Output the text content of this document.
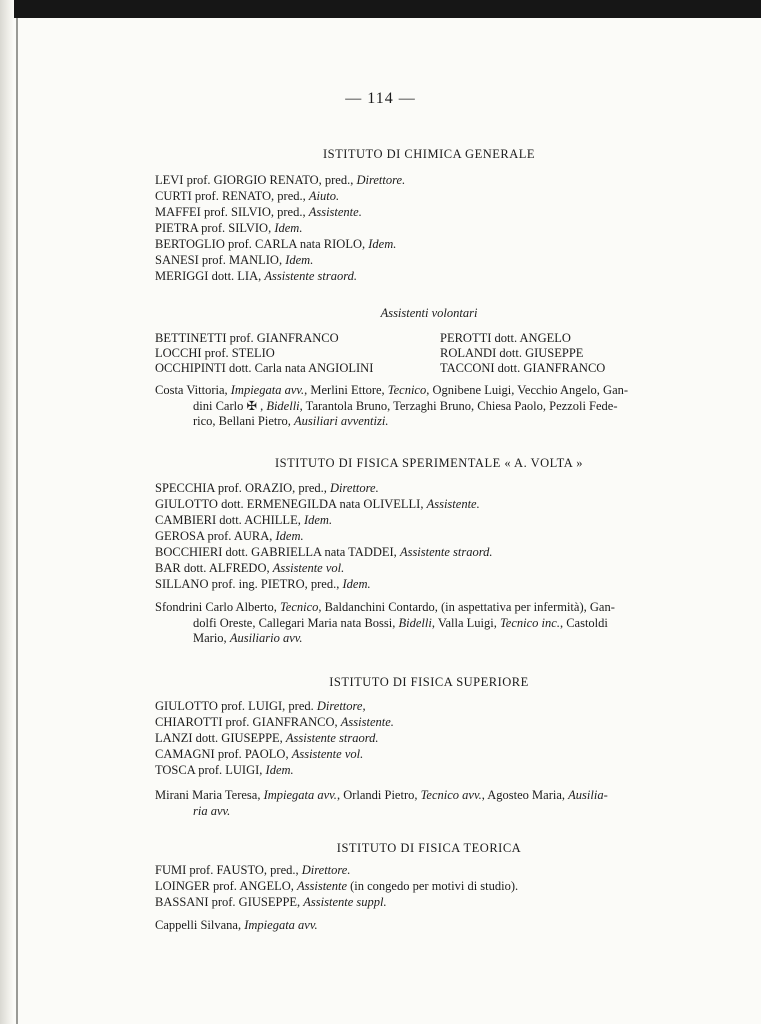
— 114 —
ISTITUTO DI CHIMICA GENERALE
LEVI prof. GIORGIO RENATO, pred., Direttore.
CURTI prof. RENATO, pred., Aiuto.
MAFFEI prof. SILVIO, pred., Assistente.
PIETRA prof. SILVIO, Idem.
BERTOGLIO prof. CARLA nata RIOLO, Idem.
SANESI prof. MANLIO, Idem.
MERIGGI dott. LIA, Assistente straord.
Assistenti volontari
BETTINETTI prof. GIANFRANCO
LOCCHI prof. STELIO
OCCHIPINTI dott. Carla nata ANGIOLINI
PEROTTI dott. ANGELO
ROLANDI dott. GIUSEPPE
TACCONI dott. GIANFRANCO
Costa Vittoria, Impiegata avv., Merlini Ettore, Tecnico, Ognibene Luigi, Vecchio Angelo, Gan-
dini Carlo ✠ , Bidelli, Tarantola Bruno, Terzaghi Bruno, Chiesa Paolo, Pezzoli Fede-
rico, Bellani Pietro, Ausiliari avventizi.
ISTITUTO DI FISICA SPERIMENTALE « A. VOLTA »
SPECCHIA prof. ORAZIO, pred., Direttore.
GIULOTTO dott. ERMENEGILDA nata OLIVELLI, Assistente.
CAMBIERI dott. ACHILLE, Idem.
GEROSA prof. AURA, Idem.
BOCCHIERI dott. GABRIELLA nata TADDEI, Assistente straord.
BAR dott. ALFREDO, Assistente vol.
SILLANO prof. ing. PIETRO, pred., Idem.
Sfondrini Carlo Alberto, Tecnico, Baldanchini Contardo, (in aspettativa per infermità), Gan-
dolfi Oreste, Callegari Maria nata Bossi, Bidelli, Valla Luigi, Tecnico inc., Castoldi
Mario, Ausiliario avv.
ISTITUTO DI FISICA SUPERIORE
GIULOTTO prof. LUIGI, pred. Direttore,
CHIAROTTI prof. GIANFRANCO, Assistente.
LANZI dott. GIUSEPPE, Assistente straord.
CAMAGNI prof. PAOLO, Assistente vol.
TOSCA prof. LUIGI, Idem.
Mirani Maria Teresa, Impiegata avv., Orlandi Pietro, Tecnico avv., Agosteo Maria, Ausilia-
ria avv.
ISTITUTO DI FISICA TEORICA
FUMI prof. FAUSTO, pred., Direttore.
LOINGER prof. ANGELO, Assistente (in congedo per motivi di studio).
BASSANI prof. GIUSEPPE, Assistente suppl.
Cappelli Silvana, Impiegata avv.
